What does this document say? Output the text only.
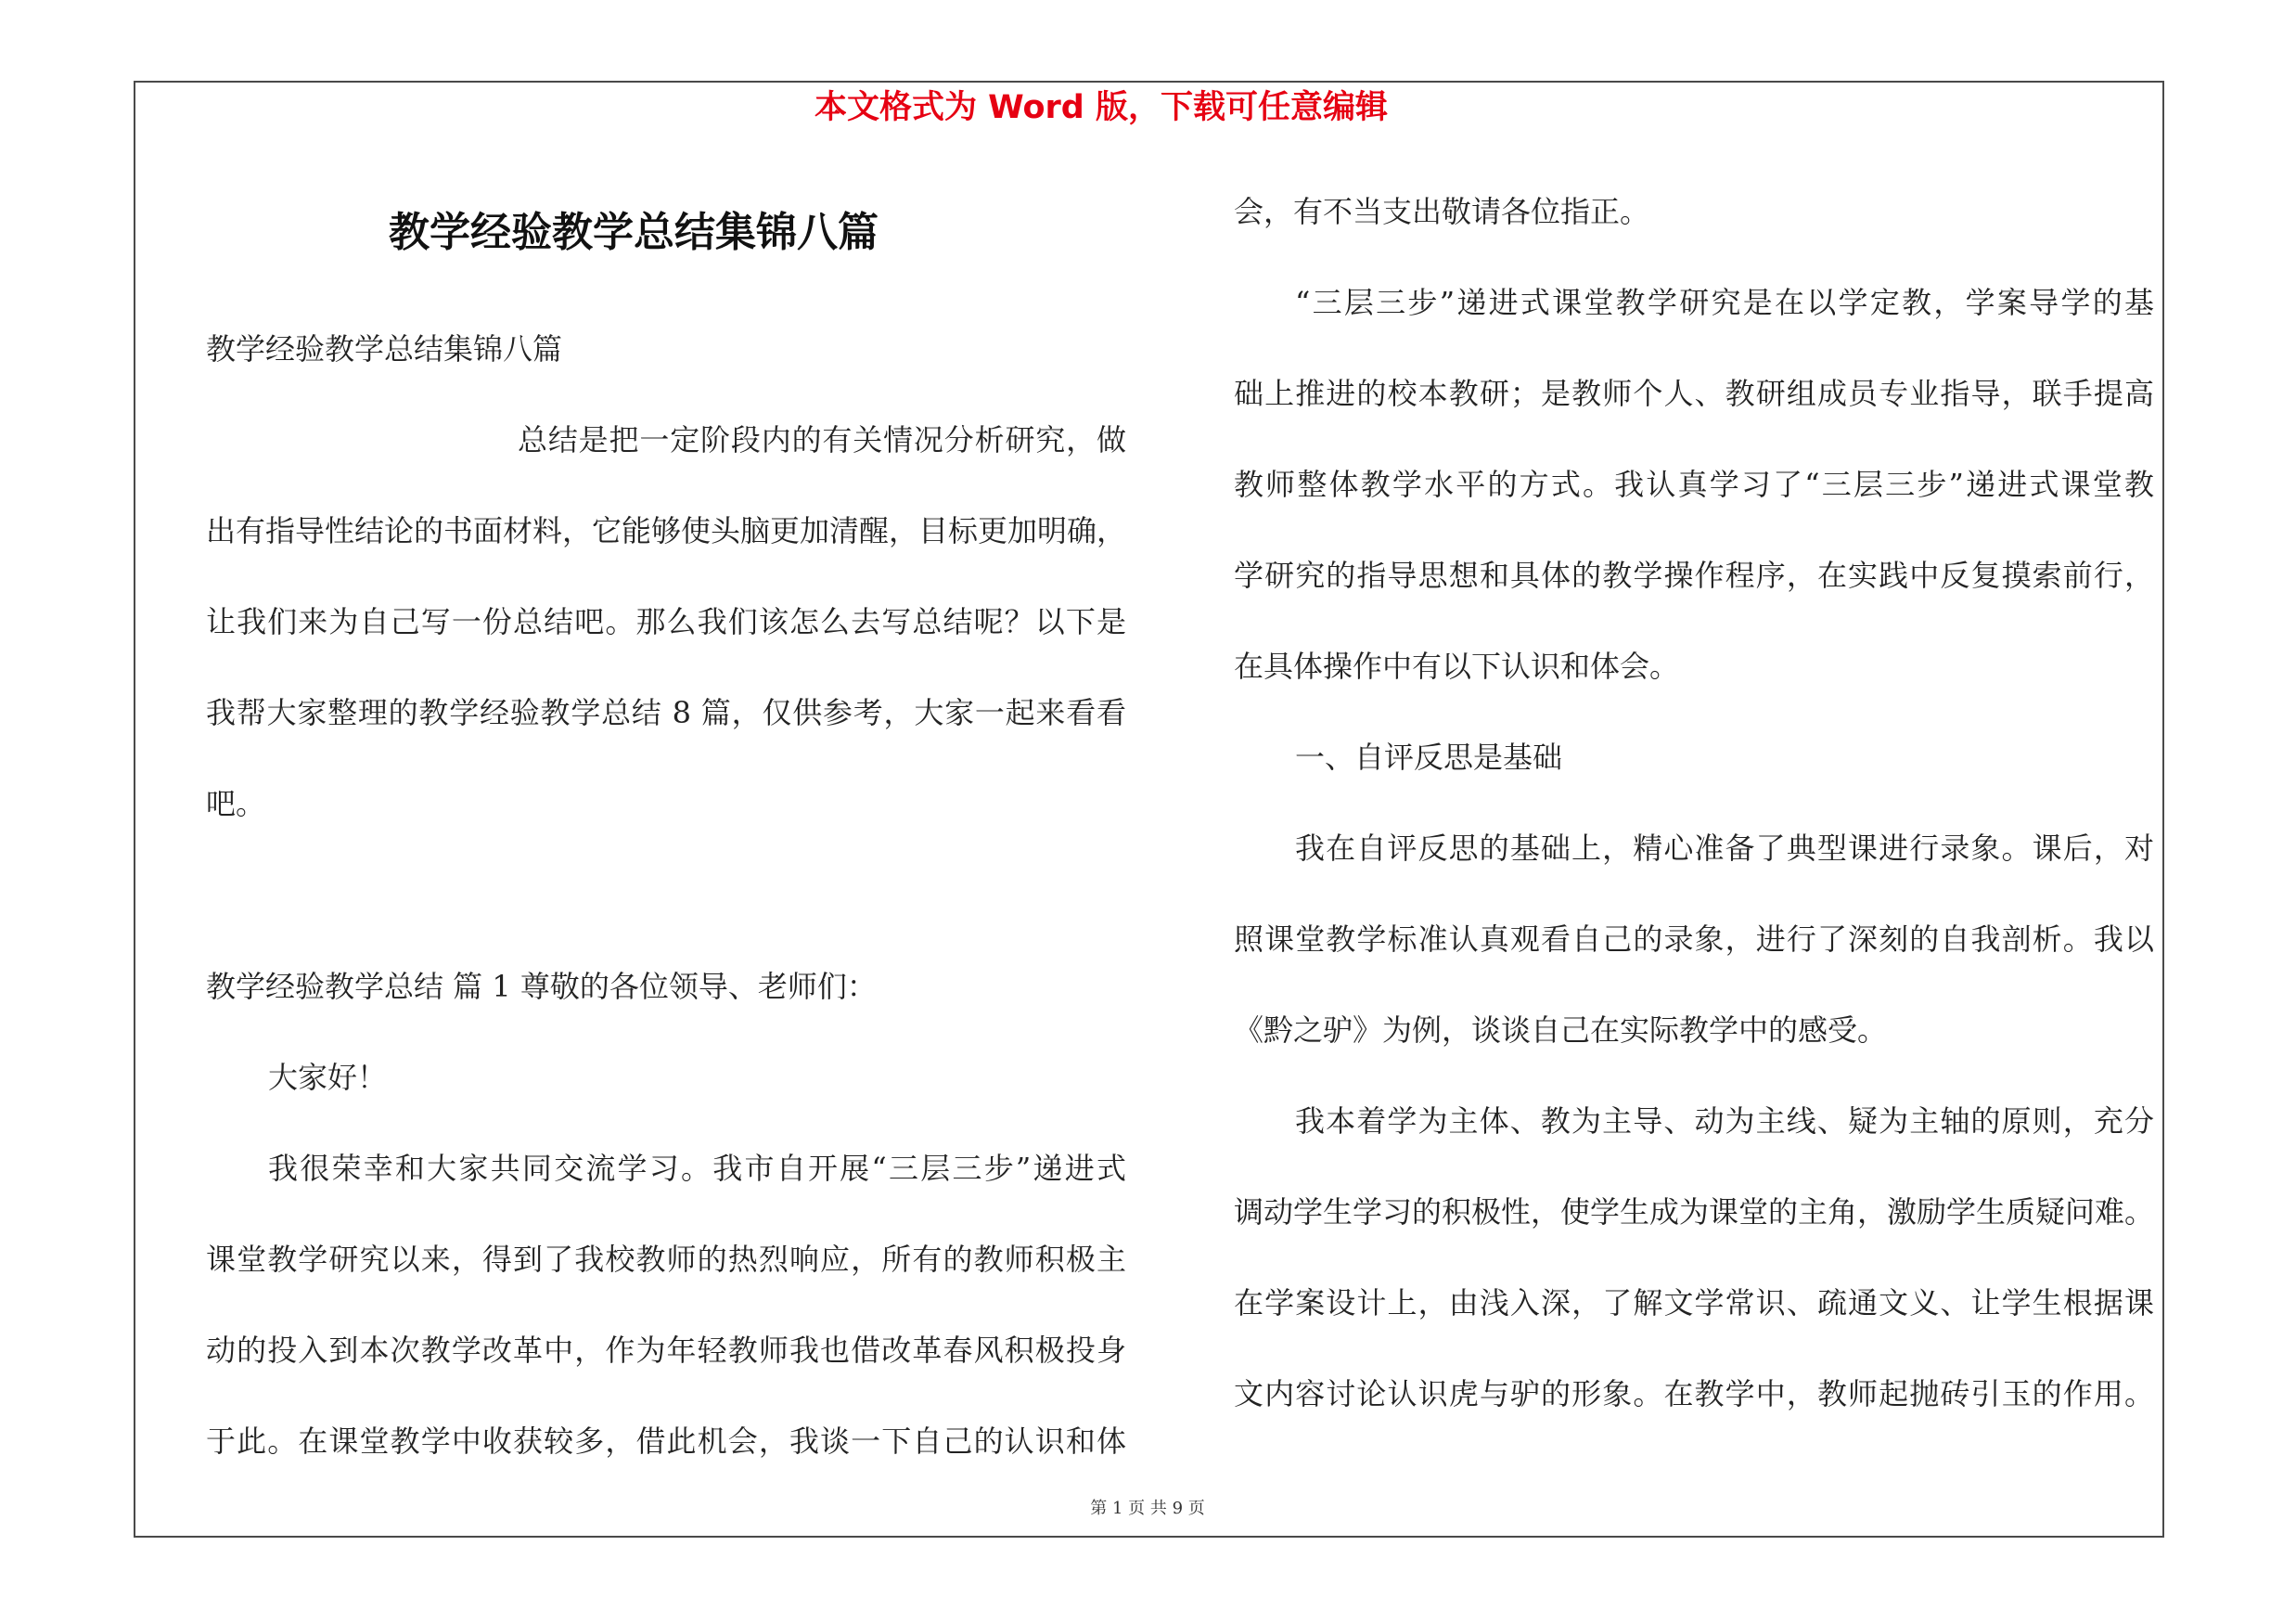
本文格式为 Word 版，下载可任意编辑
教学经验教学总结集锦八篇
教学经验教学总结集锦八篇
总结是把一定阶段内的有关情况分析研究，做
出有指导性结论的书面材料，它能够使头脑更加清醒，目标更加明确，
让我们来为自己写一份总结吧。那么我们该怎么去写总结呢？以下是
我帮大家整理的教学经验教学总结 8 篇，仅供参考，大家一起来看看
吧。
教学经验教学总结 篇 1 尊敬的各位领导、老师们：
大家好！
我很荣幸和大家共同交流学习。我市自开展“三层三步”递进式
课堂教学研究以来，得到了我校教师的热烈响应，所有的教师积极主
动的投入到本次教学改革中，作为年轻教师我也借改革春风积极投身
于此。在课堂教学中收获较多，借此机会，我谈一下自己的认识和体
会，有不当支出敬请各位指正。
“三层三步”递进式课堂教学研究是在以学定教，学案导学的基
础上推进的校本教研；是教师个人、教研组成员专业指导，联手提高
教师整体教学水平的方式。我认真学习了“三层三步”递进式课堂教
学研究的指导思想和具体的教学操作程序，在实践中反复摸索前行，
在具体操作中有以下认识和体会。
一、自评反思是基础
我在自评反思的基础上，精心准备了典型课进行录象。课后，对
照课堂教学标准认真观看自己的录象，进行了深刻的自我剖析。我以
《黔之驴》为例，谈谈自己在实际教学中的感受。
我本着学为主体、教为主导、动为主线、疑为主轴的原则，充分
调动学生学习的积极性，使学生成为课堂的主角，激励学生质疑问难。
在学案设计上，由浅入深，了解文学常识、疏通文义、让学生根据课
文内容讨论认识虎与驴的形象。在教学中，教师起抛砖引玉的作用。
第 1 页 共 9 页
